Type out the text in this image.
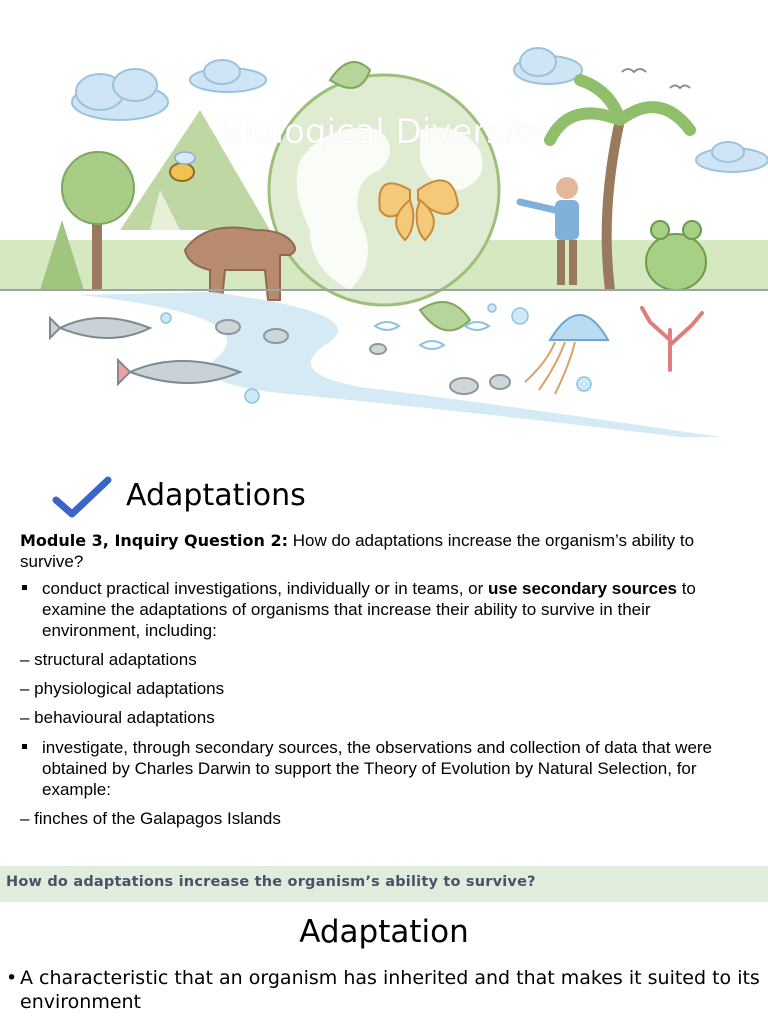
Biological Diversity
Adaptations
Module 3, Inquiry Question 2: How do adaptations increase the organism’s ability to survive?
conduct practical investigations, individually or in teams, or use secondary sources to examine the adaptations of organisms that increase their ability to survive in their environment, including:
– structural adaptations
– physiological adaptations
– behavioural adaptations
investigate, through secondary sources, the observations and collection of data that were obtained by Charles Darwin to support the Theory of Evolution by Natural Selection, for example:
– finches of the Galapagos Islands
How do adaptations increase the organism’s ability to survive?
Adaptation
• A characteristic that an organism has inherited and that makes it suited to its environment
